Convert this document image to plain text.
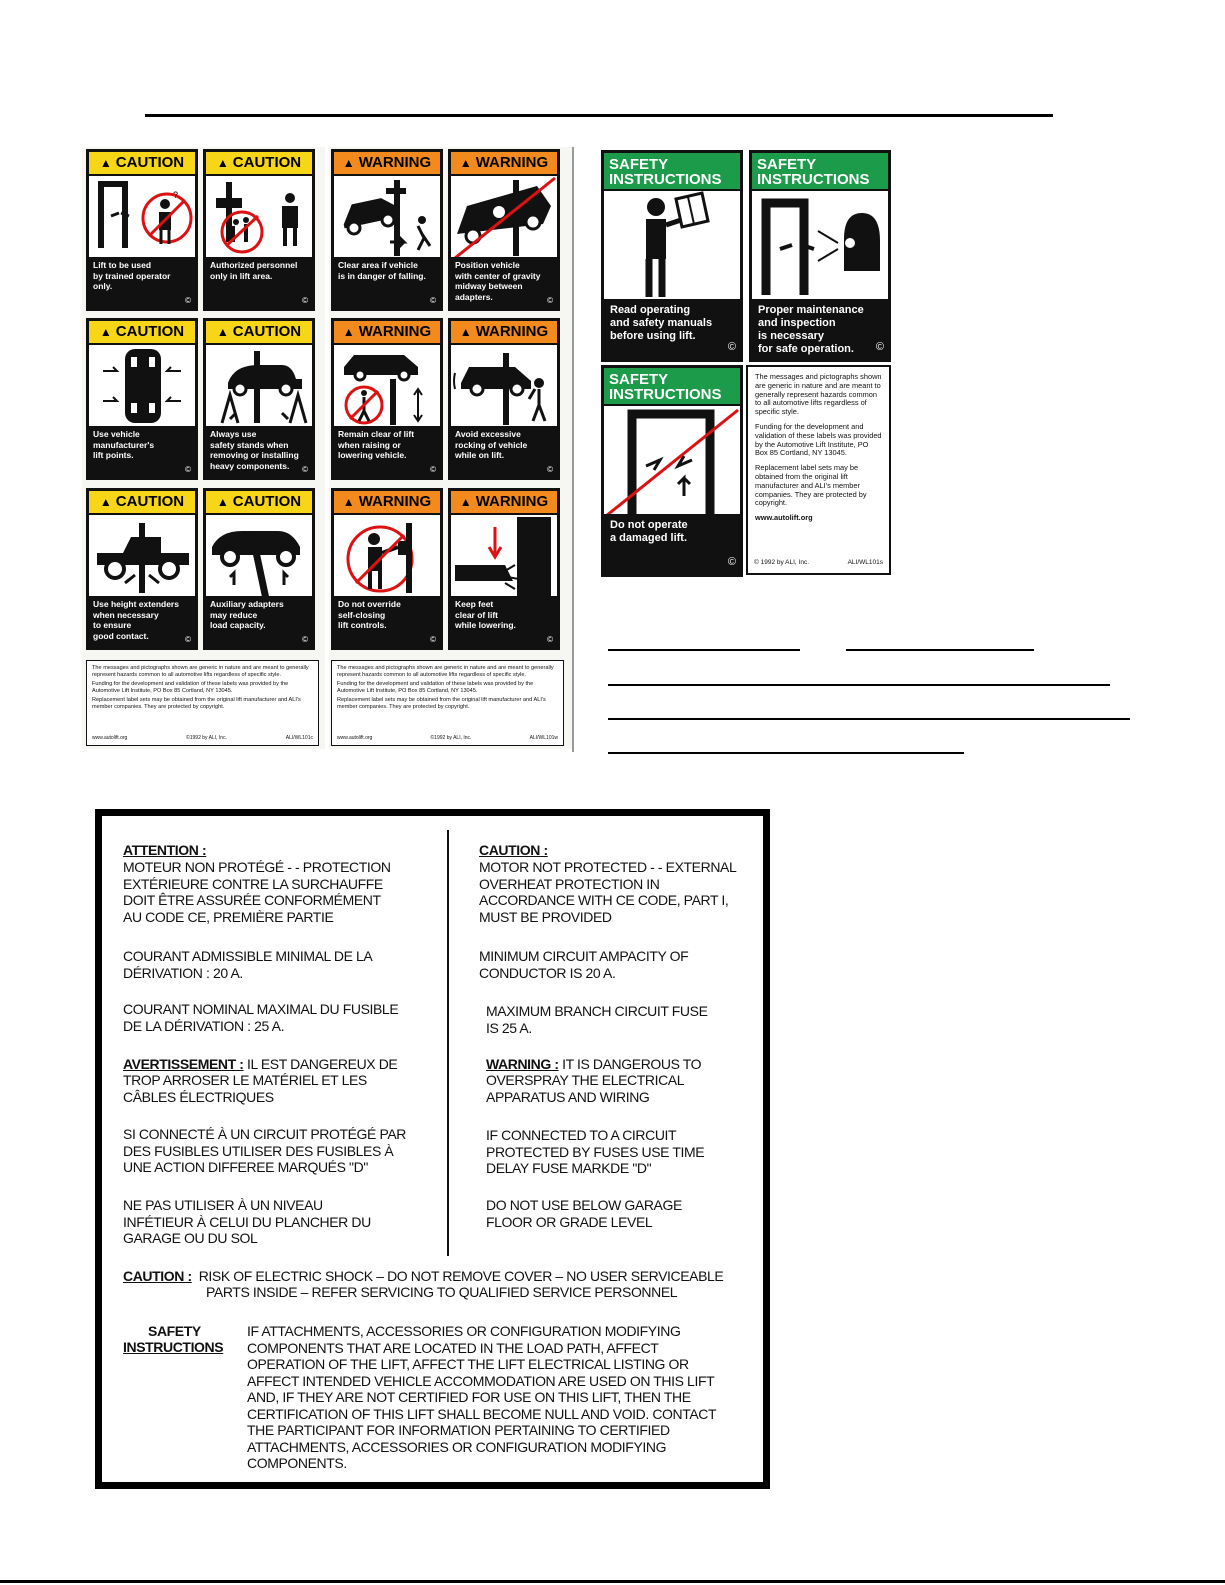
▲ CAUTION
?
Lift to be used
by trained operator
only.
©
▲ CAUTION
Authorized personnel
only in lift area.
©
▲ CAUTION
Use vehicle
manufacturer's
lift points.
©
▲ CAUTION
Always use
safety stands when
removing or installing
heavy components.	©
▲ CAUTION
Use height extenders
when necessary
to ensure
good contact.	©
▲ CAUTION
Auxiliary adapters
may reduce
load capacity.
©

The messages and pictographs shown are generic in nature and are meant to generally represent hazards common to all automotive lifts regardless of specific style.

Funding for the development and validation of these labels was provided by the Automotive Lift Institute, PO Box 85 Cortland, NY 13045.

Replacement label sets may be obtained from the original lift manufacturer and ALI's member companies. They are protected by copyright.

www.autolift.org	©1992 by ALI, Inc.	ALI/WL101c
▲ WARNING
Clear area if vehicle
is in danger of falling.
©
▲ WARNING
Position vehicle
with center of gravity
midway between
adapters.	©
▲ WARNING
Remain clear of lift
when raising or
lowering vehicle.
©
▲ WARNING
Avoid excessive
rocking of vehicle
while on lift.
©
▲ WARNING
Do not override
self-closing
lift controls.
©
▲ WARNING
Keep feet
clear of lift
while lowering.
©

The messages and pictographs shown are generic in nature and are meant to generally represent hazards common to all automotive lifts regardless of specific style.

Funding for the development and validation of these labels was provided by the Automotive Lift Institute, PO Box 85 Cortland, NY 13045.

Replacement label sets may be obtained from the original lift manufacturer and ALI's member companies. They are protected by copyright.

www.autolift.org	©1992 by ALI, Inc.	ALI/WL101w
SAFETY
INSTRUCTIONS
Read operating
and safety manuals
before using lift.
©
SAFETY
INSTRUCTIONS
Proper maintenance
and inspection
is necessary
for safe operation.	©
SAFETY
INSTRUCTIONS
Do not operate
a damaged lift.
©

The messages and pictographs shown are generic in nature and are meant to generally represent hazards common to all automotive lifts regardless of specific style.

Funding for the development and validation of these labels was provided by the Automotive Lift Institute, PO Box 85 Cortland, NY 13045.

Replacement label sets may be obtained from the original lift manufacturer and ALI's member companies. They are protected by copyright.

www.autolift.org

© 1992 by ALI, Inc.	ALI/WL101s
ATTENTION :
MOTEUR NON PROTÉGÉ - - PROTECTION
EXTÉRIEURE CONTRE LA SURCHAUFFE
DOIT ÊTRE ASSURÉE CONFORMÉMENT
AU CODE CE, PREMIÈRE PARTIE
COURANT ADMISSIBLE MINIMAL DE LA
DÉRIVATION : 20 A.
COURANT NOMINAL MAXIMAL DU FUSIBLE
DE LA DÉRIVATION : 25 A.
AVERTISSEMENT : IL EST DANGEREUX DE
TROP ARROSER LE MATÉRIEL ET LES
CÂBLES ÉLECTRIQUES
SI CONNECTÉ À UN CIRCUIT PROTÉGÉ PAR
DES FUSIBLES UTILISER DES FUSIBLES À
UNE ACTION DIFFEREE MARQUÉS "D"
NE PAS UTILISER À UN NIVEAU
INFÉTIEUR À CELUI DU PLANCHER DU
GARAGE OU DU SOL
CAUTION :
MOTOR NOT PROTECTED - - EXTERNAL
OVERHEAT PROTECTION IN
ACCORDANCE WITH CE CODE, PART I,
MUST BE PROVIDED
MINIMUM CIRCUIT AMPACITY OF
CONDUCTOR IS 20 A.
MAXIMUM BRANCH CIRCUIT FUSE
IS 25 A.
WARNING : IT IS DANGEROUS TO
OVERSPRAY THE ELECTRICAL
APPARATUS AND WIRING
IF CONNECTED TO A CIRCUIT
PROTECTED BY FUSES USE TIME
DELAY FUSE MARKDE "D"
DO NOT USE BELOW GARAGE
FLOOR OR GRADE LEVEL
CAUTION : RISK OF ELECTRIC SHOCK – DO NOT REMOVE COVER – NO USER SERVICEABLE
PARTS INSIDE – REFER SERVICING TO QUALIFIED SERVICE PERSONNEL
SAFETY
INSTRUCTIONS
IF ATTACHMENTS, ACCESSORIES OR CONFIGURATION MODIFYING
COMPONENTS THAT ARE LOCATED IN THE LOAD PATH, AFFECT
OPERATION OF THE LIFT, AFFECT THE LIFT ELECTRICAL LISTING OR
AFFECT INTENDED VEHICLE ACCOMMODATION ARE USED ON THIS LIFT
AND, IF THEY ARE NOT CERTIFIED FOR USE ON THIS LIFT, THEN THE
CERTIFICATION OF THIS LIFT SHALL BECOME NULL AND VOID. CONTACT
THE PARTICIPANT FOR INFORMATION PERTAINING TO CERTIFIED
ATTACHMENTS, ACCESSORIES OR CONFIGURATION MODIFYING
COMPONENTS.
